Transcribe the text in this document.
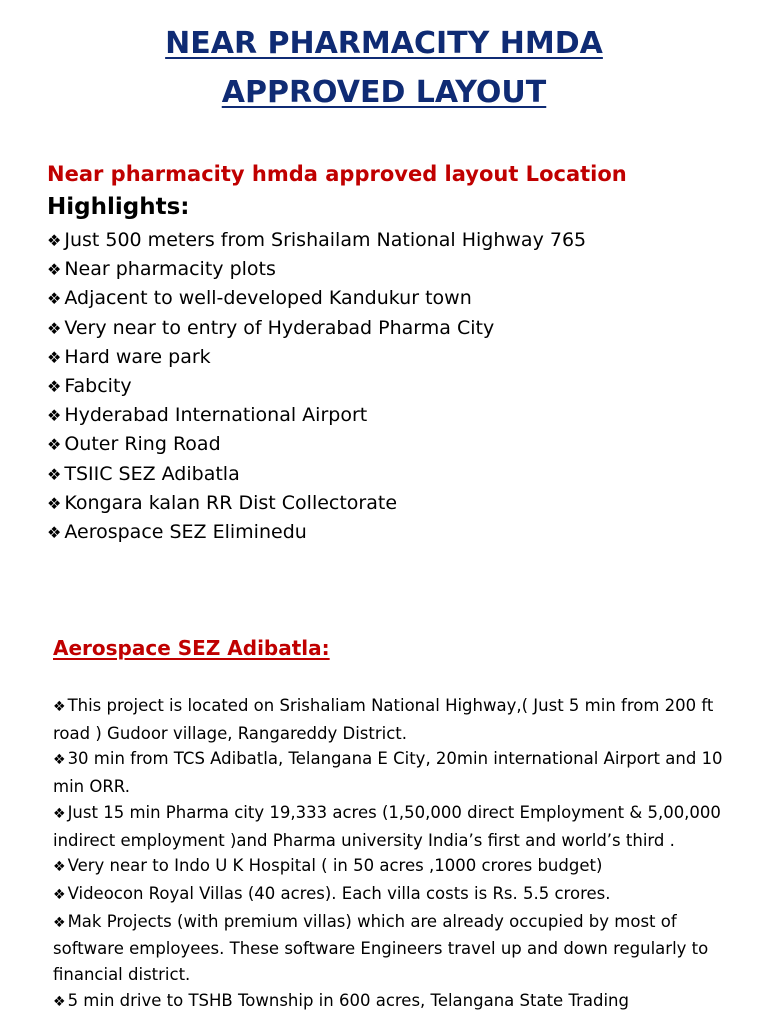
NEAR PHARMACITY HMDA
APPROVED LAYOUT

Near pharmacity hmda approved layout Location

Highlights:

❖ Just 500 meters from Srishailam National Highway 765
❖ Near pharmacity plots
❖ Adjacent to well-developed Kandukur town
❖ Very near to entry of Hyderabad Pharma City
❖ Hard ware park
❖ Fabcity
❖ Hyderabad International Airport
❖ Outer Ring Road
❖ TSIIC SEZ Adibatla
❖ Kongara kalan RR Dist Collectorate
❖ Aerospace SEZ Eliminedu

Aerospace SEZ Adibatla:

❖ This project is located on Srishaliam National Highway,( Just 5 min from 200 ft road ) Gudoor village, Rangareddy District.
❖ 30 min from TCS Adibatla, Telangana E City, 20min international Airport and 10 min ORR.
❖ Just 15 min Pharma city 19,333 acres (1,50,000 direct Employment & 5,00,000 indirect employment )and Pharma university India’s first and world’s third .
❖ Very near to Indo U K Hospital ( in 50 acres ,1000 crores budget)
❖ Videocon Royal Villas (40 acres). Each villa costs is Rs. 5.5 crores.
❖ Mak Projects (with premium villas) which are already occupied by most of software employees. These software Engineers travel up and down regularly to financial district.
❖ 5 min drive to TSHB Township in 600 acres, Telangana State Trading
